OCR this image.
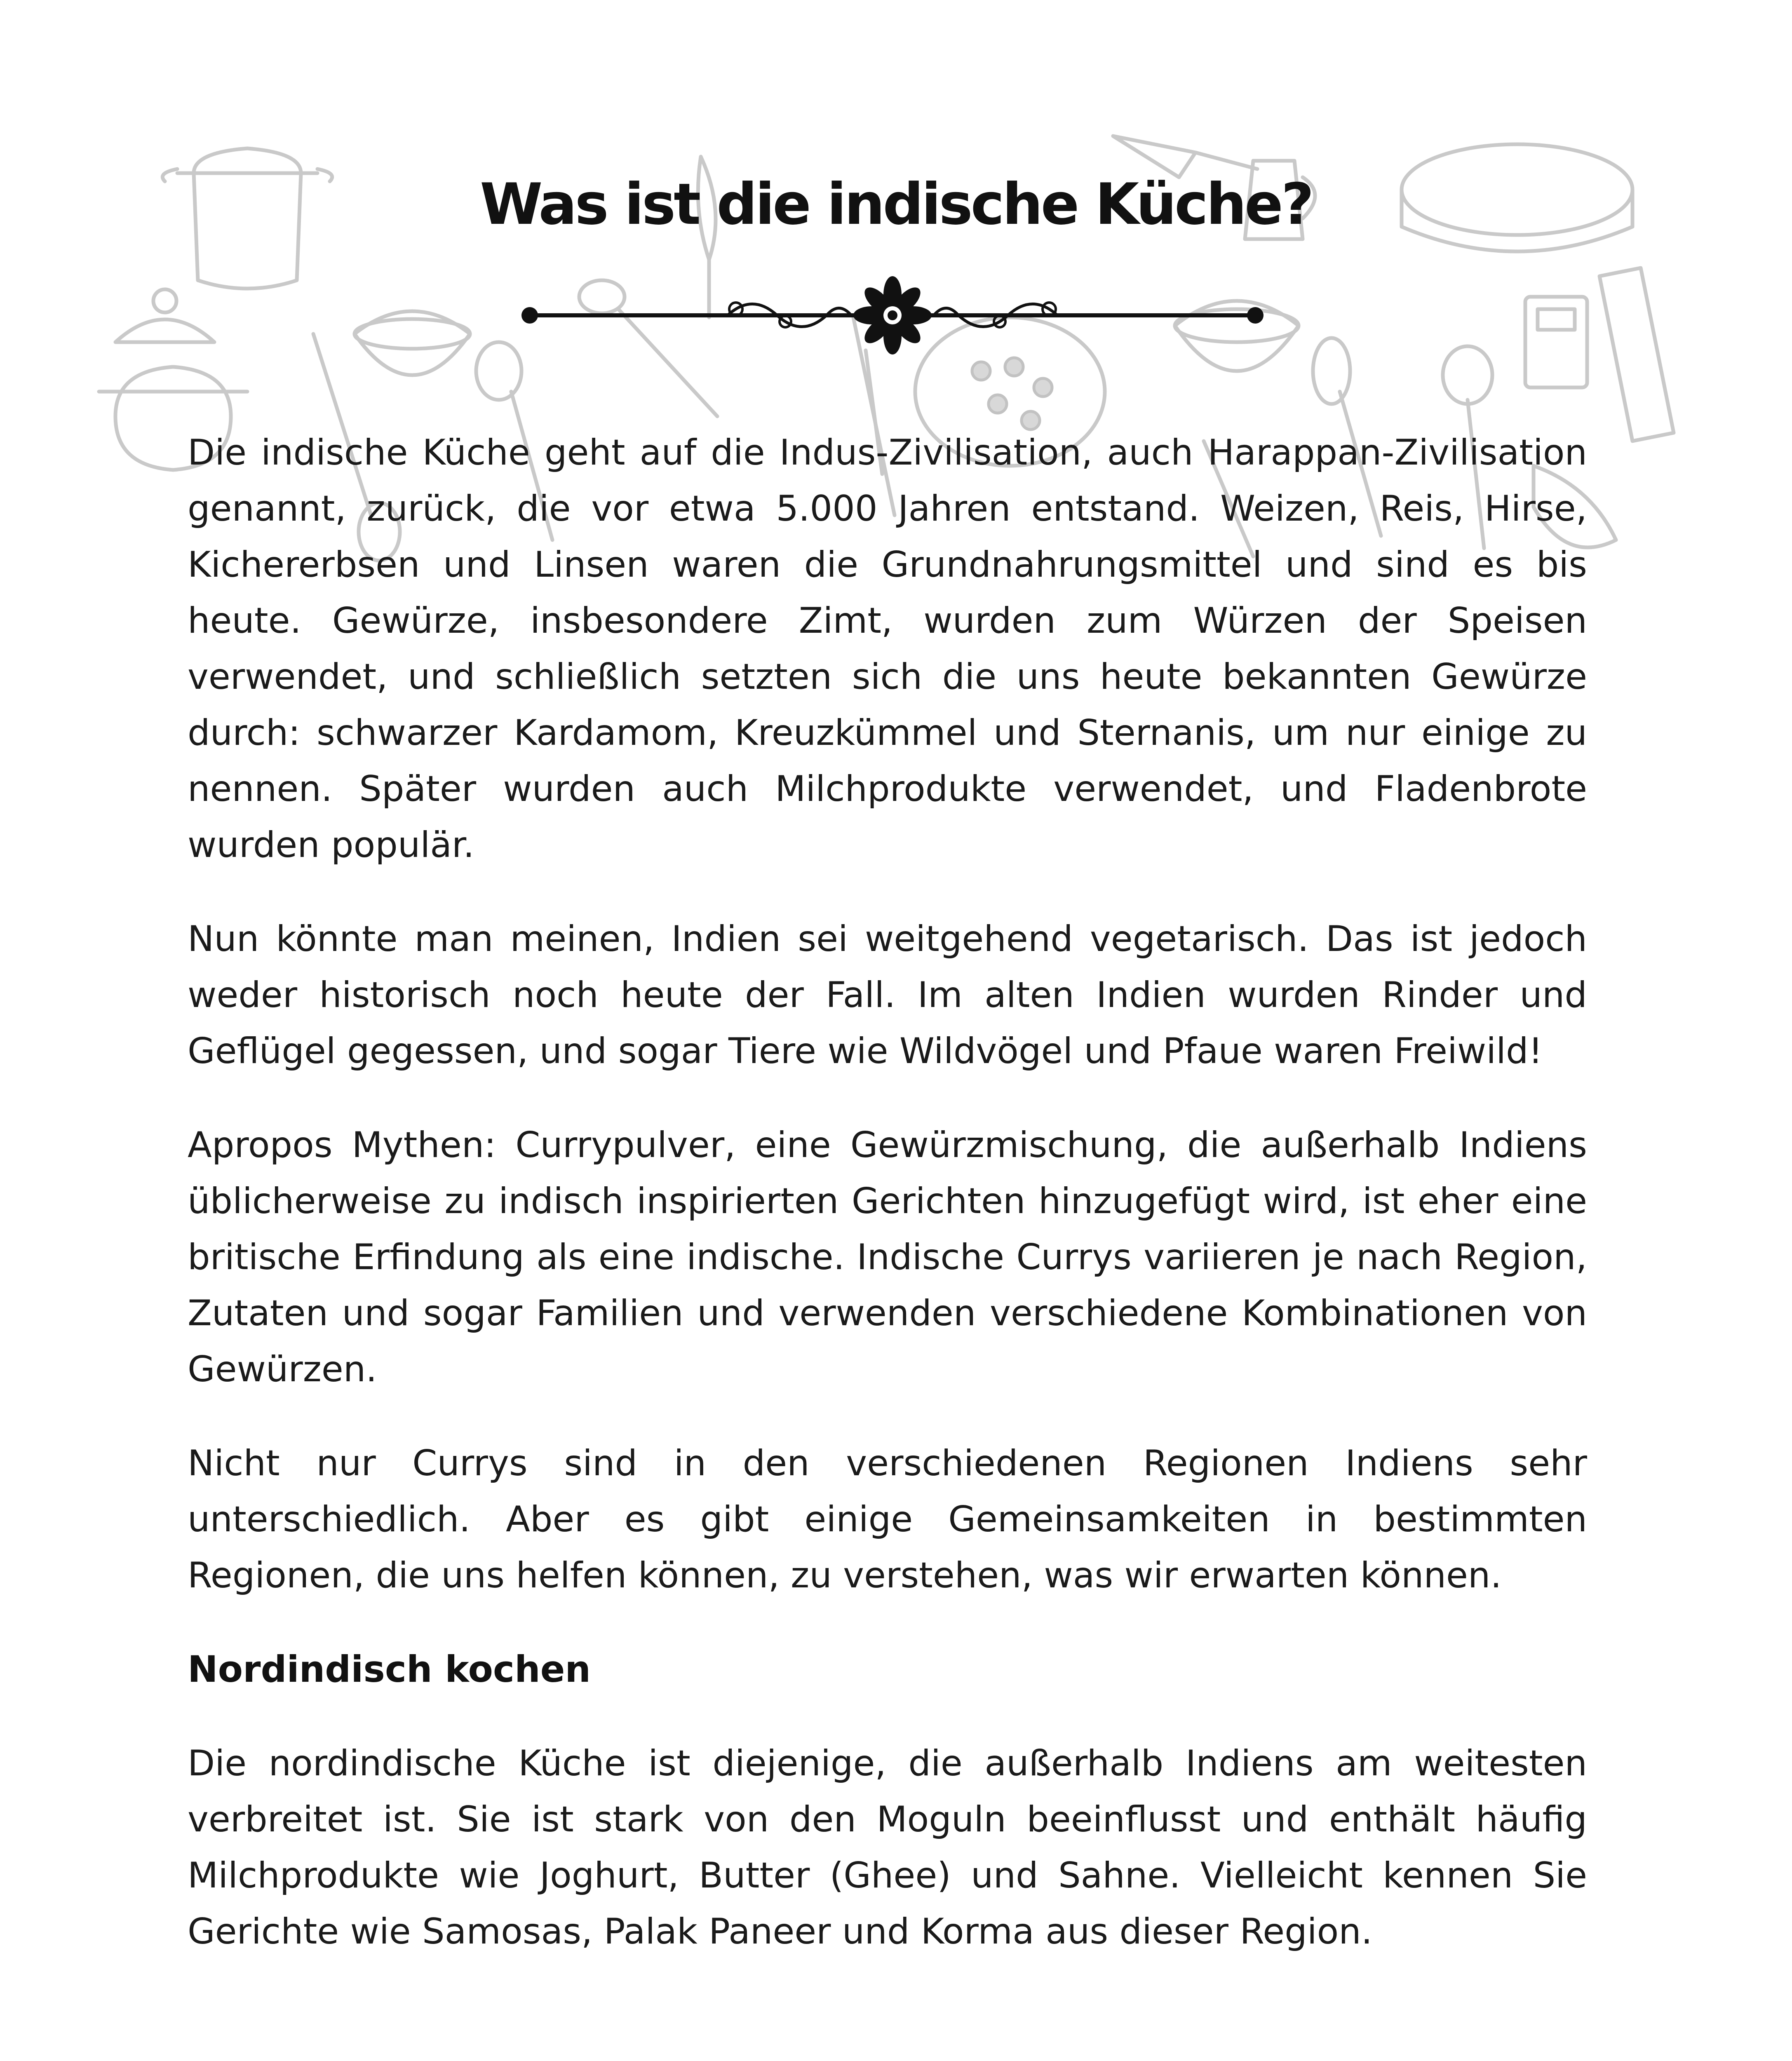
Was ist die indische Küche?

Die indische Küche geht auf die Indus-Zivilisation, auch Harappan-Zivilisation genannt, zurück, die vor etwa 5.000 Jahren entstand. Weizen, Reis, Hirse, Kichererbsen und Linsen waren die Grundnahrungsmittel und sind es bis heute. Gewürze, insbesondere Zimt, wurden zum Würzen der Speisen verwendet, und schließlich setzten sich die uns heute bekannten Gewürze durch: schwarzer Kardamom, Kreuzkümmel und Sternanis, um nur einige zu nennen. Später wurden auch Milchprodukte verwendet, und Fladenbrote wurden populär.

Nun könnte man meinen, Indien sei weitgehend vegetarisch. Das ist jedoch weder historisch noch heute der Fall. Im alten Indien wurden Rinder und Geflügel gegessen, und sogar Tiere wie Wildvögel und Pfaue waren Freiwild!

Apropos Mythen: Currypulver, eine Gewürzmischung, die außerhalb Indiens üblicherweise zu indisch inspirierten Gerichten hinzugefügt wird, ist eher eine britische Erfindung als eine indische. Indische Currys variieren je nach Region, Zutaten und sogar Familien und verwenden verschiedene Kombinationen von Gewürzen.

Nicht nur Currys sind in den verschiedenen Regionen Indiens sehr unterschiedlich. Aber es gibt einige Gemeinsamkeiten in bestimmten Regionen, die uns helfen können, zu verstehen, was wir erwarten können.

Nordindisch kochen

Die nordindische Küche ist diejenige, die außerhalb Indiens am weitesten verbreitet ist. Sie ist stark von den Moguln beeinflusst und enthält häufig Milchprodukte wie Joghurt, Butter (Ghee) und Sahne. Vielleicht kennen Sie Gerichte wie Samosas, Palak Paneer und Korma aus dieser Region.
